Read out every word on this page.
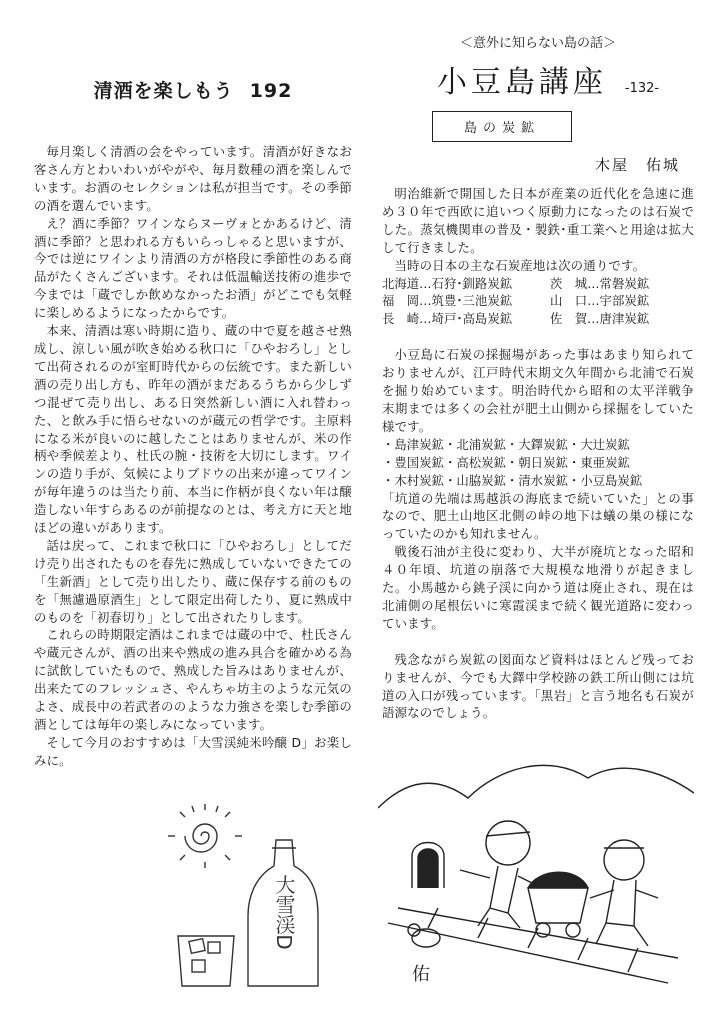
清酒を楽しもう 192

毎月楽しく清酒の会をやっています。清酒が好きなお客さん方とわいわいがやがや、毎月数種の酒を楽しんでいます。お酒のセレクションは私が担当です。その季節の酒を選んでいます。

え？酒に季節？ワインならヌーヴォとかあるけど、清酒に季節？と思われる方もいらっしゃると思いますが、今では逆にワインより清酒の方が格段に季節性のある商品がたくさんございます。それは低温輸送技術の進歩で今までは「蔵でしか飲めなかったお酒」がどこでも気軽に楽しめるようになったからです。

本来、清酒は寒い時期に造り、蔵の中で夏を越させ熟成し、涼しい風が吹き始める秋口に「ひやおろし」として出荷されるのが室町時代からの伝統です。また新しい酒の売り出し方も、昨年の酒がまだあるうちから少しずつ混ぜて売り出し、ある日突然新しい酒に入れ替わった、と飲み手に悟らせないのが蔵元の哲学です。主原料になる米が良いのに越したことはありませんが、米の作柄や季候差より、杜氏の腕・技術を大切にします。ワインの造り手が、気候によりブドウの出来が違ってワインが毎年違うのは当たり前、本当に作柄が良くない年は醸造しない年すらあるのが前提なのとは、考え方に天と地ほどの違いがあります。

話は戻って、これまで秋口に「ひやおろし」としてだけ売り出されたものを春先に熟成していないできたての「生新酒」として売り出したり、蔵に保存する前のものを「無濾過原酒生」として限定出荷したり、夏に熟成中のものを「初春切り」として出されたりします。

これらの時期限定酒はこれまでは蔵の中で、杜氏さんや蔵元さんが、酒の出来や熟成の進み具合を確かめる為に試飲していたもので、熟成した旨みはありませんが、出来たてのフレッシュさ、やんちゃ坊主のような元気のよさ、成長中の若武者ののような力強さを楽しむ季節の酒としては毎年の楽しみになっています。

そして今月のおすすめは「大雪渓純米吟醸 D」お楽しみに。

大雪渓D

＜意外に知らない島の話＞

小豆島講座 -132-
島の炭鉱

木屋　佑城

明治維新で開国した日本が産業の近代化を急速に進め３０年で西欧に追いつく原動力になったのは石炭でした。蒸気機関車の普及・製鉄･重工業へと用途は拡大して行きました。

当時の日本の主な石炭産地は次の通りです。

北海道…石狩･釧路炭鉱	茨　城…常磐炭鉱
福　岡…筑豊･三池炭鉱	山　口…宇部炭鉱
長　崎…埼戸･高島炭鉱	佐　賀…唐津炭鉱

小豆島に石炭の採掘場があった事はあまり知られておりませんが、江戸時代末期文久年間から北浦で石炭を掘り始めています。明治時代から昭和の太平洋戦争末期までは多くの会社が肥土山側から採掘をしていた様です。

・島津炭鉱・北浦炭鉱・大鐸炭鉱・大辻炭鉱

・豊国炭鉱・高松炭鉱・朝日炭鉱・東亜炭鉱

・木村炭鉱・山脇炭鉱・清水炭鉱・小豆島炭鉱

「坑道の先端は馬越浜の海底まで続いていた」との事なので、肥土山地区北側の峠の地下は蟻の巣の様になっていたのかも知れません。

戦後石油が主役に変わり、大半が廃坑となった昭和４０年頃、坑道の崩落で大規模な地滑りが起きました。小馬越から銚子渓に向かう道は廃止され、現在は北浦側の尾根伝いに寒霞渓まで続く観光道路に変わっています。

残念ながら炭鉱の図面など資料はほとんど残っておりませんが、今でも大鐸中学校跡の鉄工所山側には坑道の入口が残っています。「黒岩」と言う地名も石炭が語源なのでしょう。

佑
